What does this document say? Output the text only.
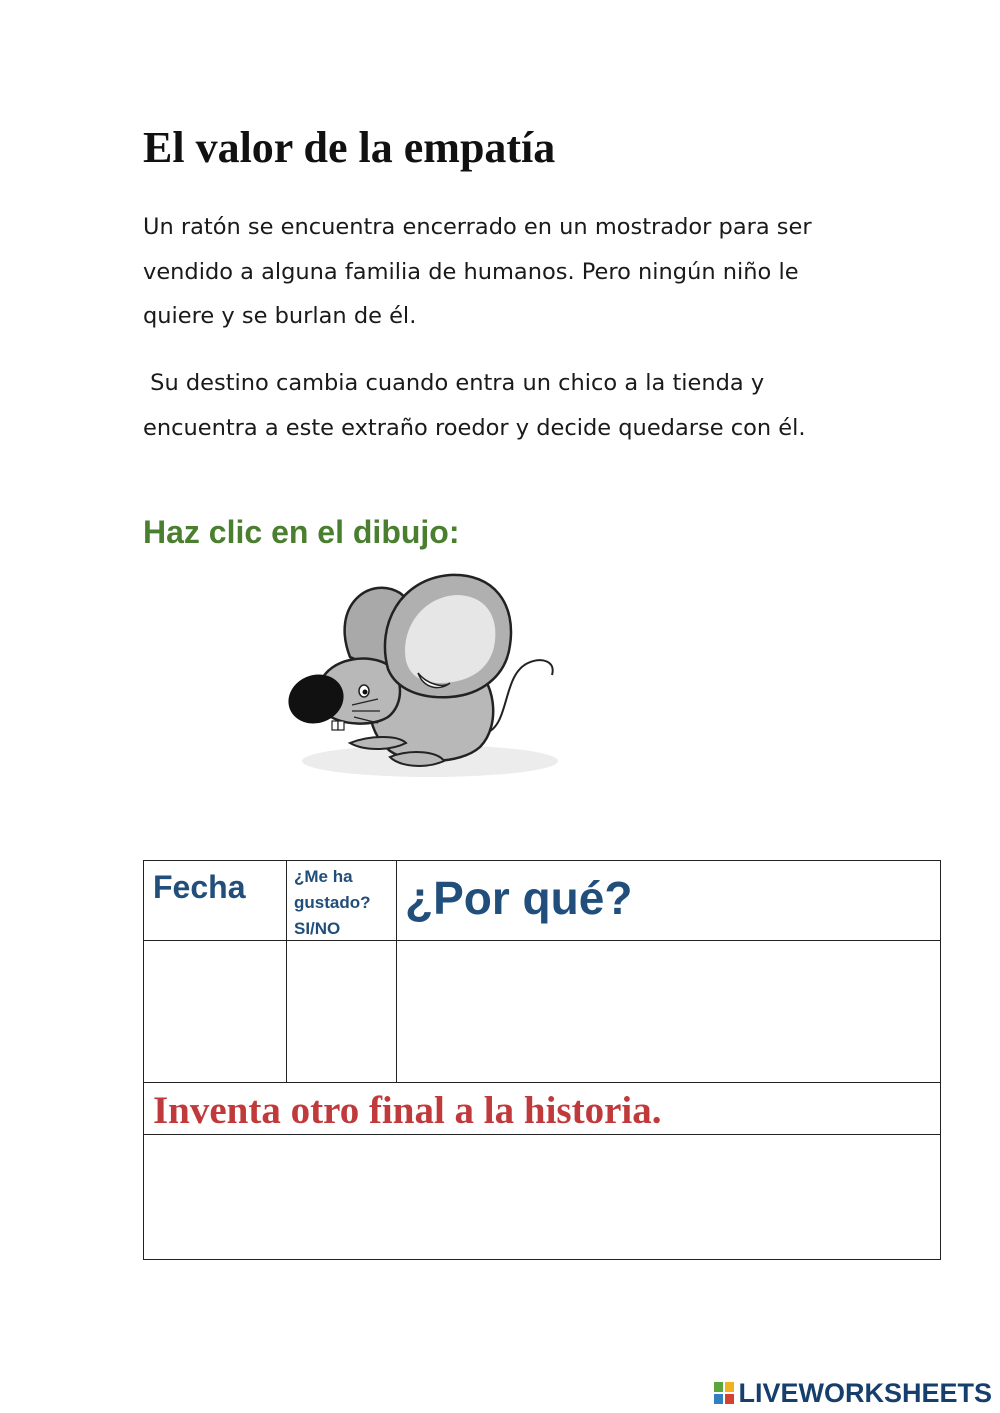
El valor de la empatía

Un ratón se encuentra encerrado en un mostrador para ser vendido a alguna familia de humanos. Pero ningún niño le quiere y se burlan de él.

Su destino cambia cuando entra un chico a la tienda y encuentra a este extraño roedor y decide quedarse con él.

Haz clic en el dibujo:
Fecha	¿Me ha gustado? SI/NO
¿Por qué?
Inventa otro final a la historia.
LIVEWORKSHEETS
